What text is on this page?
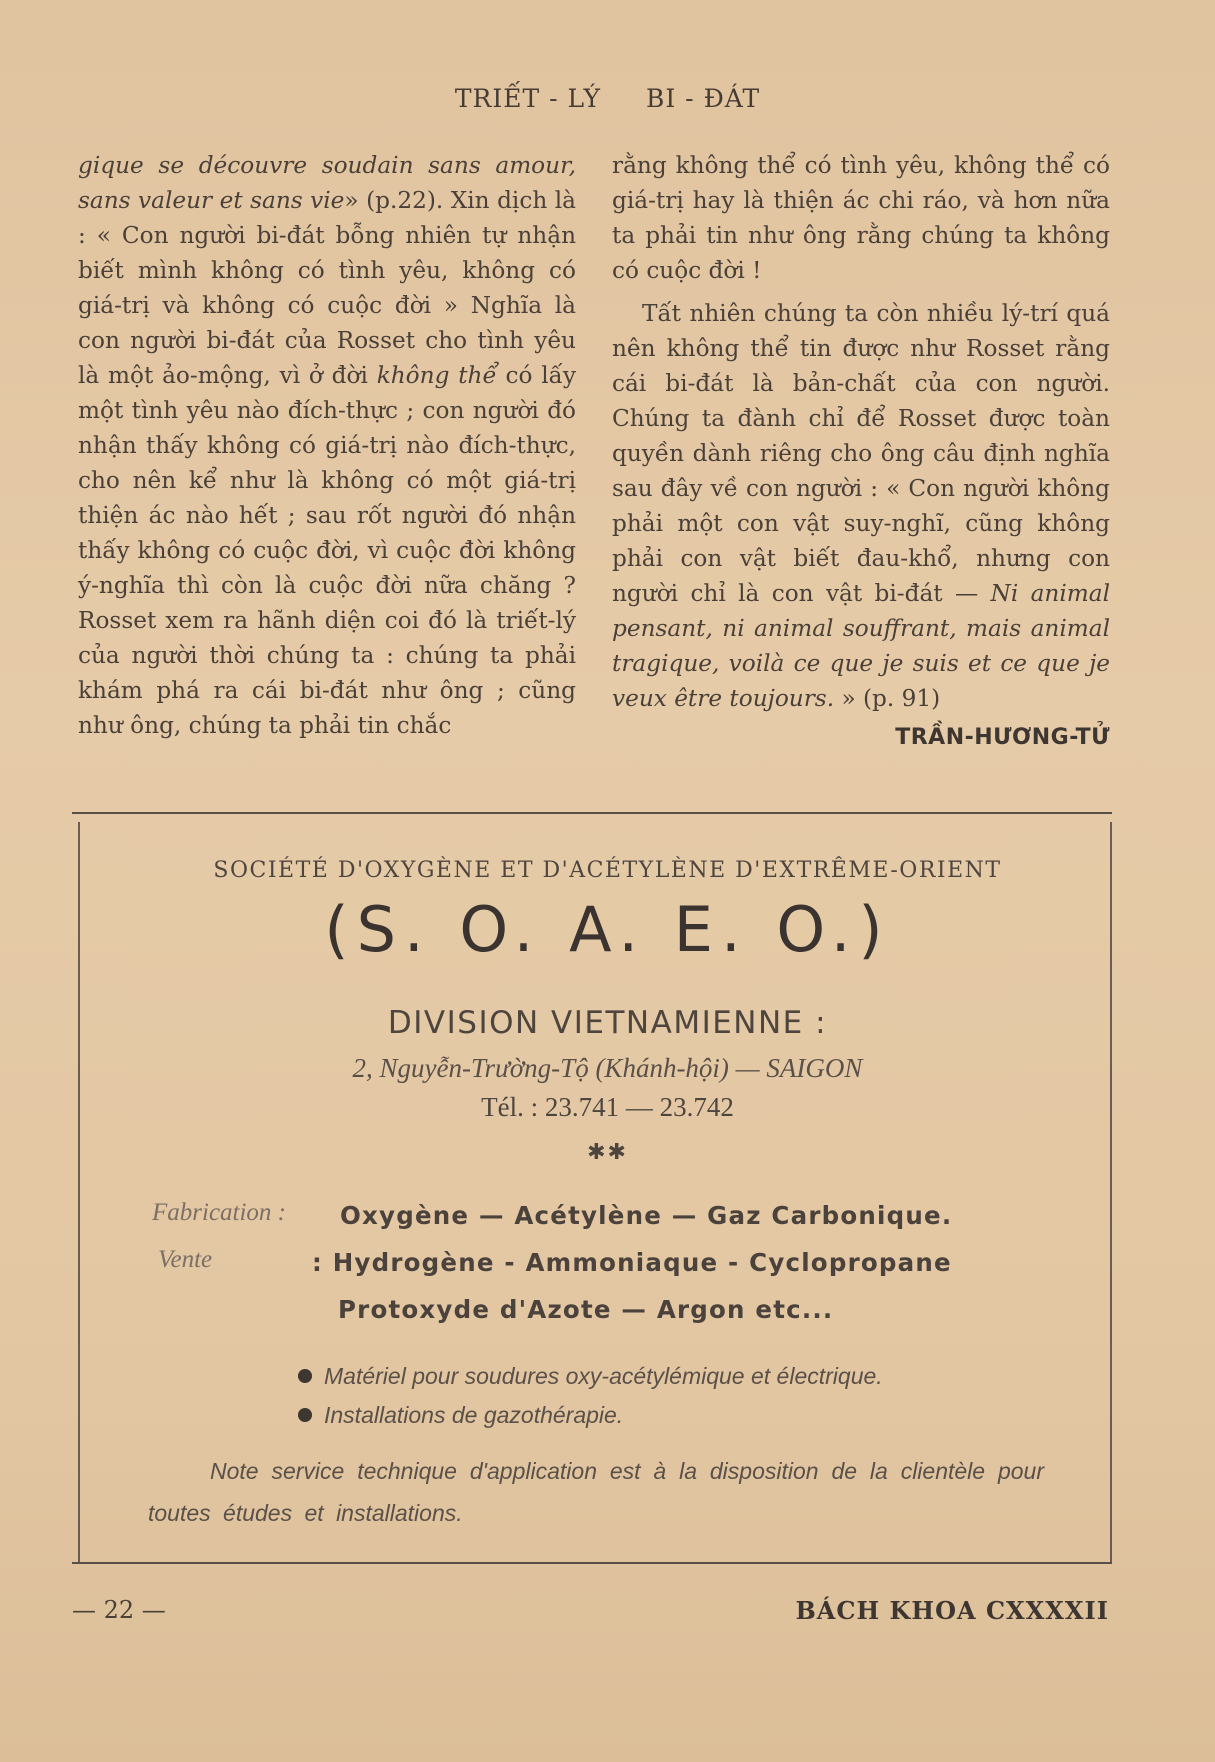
TRIẾT - LÝ BI - ĐÁT

gique se découvre soudain sans amour, sans valeur et sans vie» (p.22). Xin dịch là : « Con người bi-đát bỗng nhiên tự nhận biết mình không có tình yêu, không có giá-trị và không có cuộc đời » Nghĩa là con người bi-đát của Rosset cho tình yêu là một ảo-mộng, vì ở đời không thể có lấy một tình yêu nào đích-thực ; con người đó nhận thấy không có giá-trị nào đích-thực, cho nên kể như là không có một giá-trị thiện ác nào hết ; sau rốt người đó nhận thấy không có cuộc đời, vì cuộc đời không ý-nghĩa thì còn là cuộc đời nữa chăng ? Rosset xem ra hãnh diện coi đó là triết-lý của người thời chúng ta : chúng ta phải khám phá ra cái bi-đát như ông ; cũng như ông, chúng ta phải tin chắc

rằng không thể có tình yêu, không thể có giá-trị hay là thiện ác chi ráo, và hơn nữa ta phải tin như ông rằng chúng ta không có cuộc đời !

Tất nhiên chúng ta còn nhiều lý-trí quá nên không thể tin được như Rosset rằng cái bi-đát là bản-chất của con người. Chúng ta đành chỉ để Rosset được toàn quyền dành riêng cho ông câu định nghĩa sau đây về con người : « Con người không phải một con vật suy-nghĩ, cũng không phải con vật biết đau-khổ, nhưng con người chỉ là con vật bi-đát — Ni animal pensant, ni animal souffrant, mais animal tragique, voilà ce que je suis et ce que je veux être toujours. » (p. 91)

TRẦN-HƯƠNG-TỬ
SOCIÉTÉ D'OXYGÈNE ET D'ACÉTYLÈNE D'EXTRÊME-ORIENT
(S. O. A. E. O.)
DIVISION VIETNAMIENNE :
2, Nguyễn-Trường-Tộ (Khánh-hội) — SAIGON
Tél. : 23.741 — 23.742
✱✱
Fabrication : Oxygène — Acétylène — Gaz Carbonique.
Vente	: Hydrogène - Ammoniaque - Cyclopropane
Protoxyde d'Azote — Argon etc...
Matériel pour soudures oxy-acétylémique et électrique.
Installations de gazothérapie.
Note service technique d'application est à la disposition de la clientèle pour toutes études et installations.
— 22 —	BÁCH KHOA CXXXXII
